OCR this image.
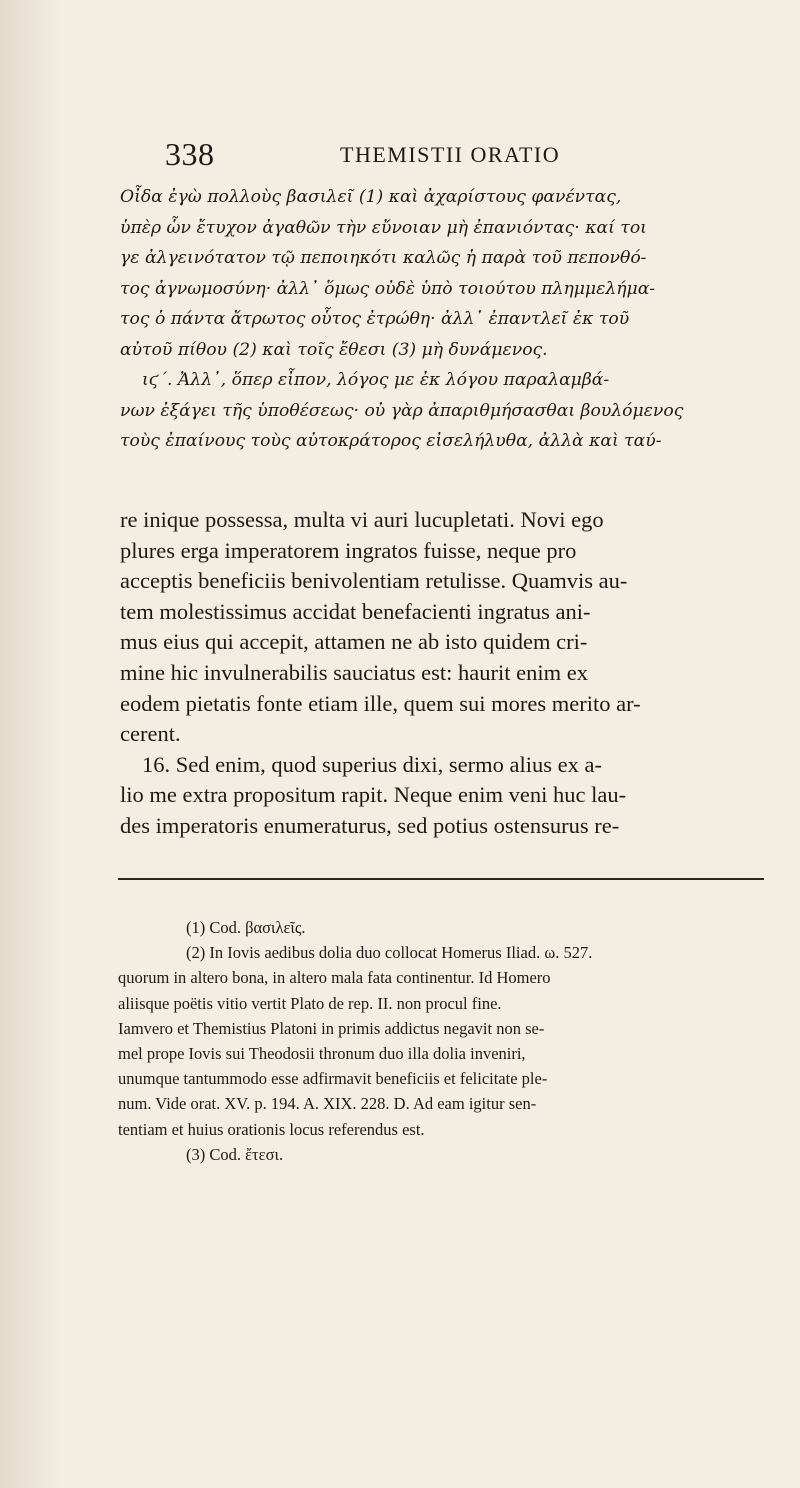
338	THEMISTII ORATIO
Οἶδα ἐγὼ πολλοὺς βασιλεῖ (1) καὶ ἀχαρίστους φανέντας,
ὑπὲρ ὧν ἔτυχον ἀγαθῶν τὴν εὔνοιαν μὴ ἐπανιόντας· καί τοι
γε ἀλγεινότατον τῷ πεποιηκότι καλῶς ἡ παρὰ τοῦ πεπονθό-
τος ἀγνωμοσύνη· ἀλλ᾽ ὅμως οὐδὲ ὑπὸ τοιούτου πλημμελήμα-
τος ὁ πάντα ἄτρωτος οὗτος ἐτρώθη· ἀλλ᾽ ἐπαντλεῖ ἐκ τοῦ
αὐτοῦ πίθου (2) καὶ τοῖς ἔθεσι (3) μὴ δυνάμενος.
ιϛ΄. Ἀλλ᾽, ὅπερ εἶπον, λόγος με ἐκ λόγου παραλαμβά-
νων ἐξάγει τῆς ὑποθέσεως· οὐ γὰρ ἀπαριθμήσασθαι βουλόμενος
τοὺς ἐπαίνους τοὺς αὐτοκράτορος εἰσελήλυθα, ἀλλὰ καὶ ταύ-
re inique possessa, multa vi auri lucupletati. Novi ego
plures erga imperatorem ingratos fuisse, neque pro
acceptis beneficiis benivolentiam retulisse. Quamvis au-
tem molestissimus accidat benefacienti ingratus ani-
mus eius qui accepit, attamen ne ab isto quidem cri-
mine hic invulnerabilis sauciatus est: haurit enim ex
eodem pietatis fonte etiam ille, quem sui mores merito ar-
cerent.
16. Sed enim, quod superius dixi, sermo alius ex a-
lio me extra propositum rapit. Neque enim veni huc lau-
des imperatoris enumeraturus, sed potius ostensurus re-
(1) Cod. βασιλεῖς.
(2) In Iovis aedibus dolia duo collocat Homerus Iliad. ω. 527.
quorum in altero bona, in altero mala fata continentur. Id Homero
aliisque poëtis vitio vertit Plato de rep. II. non procul fine.
Iamvero et Themistius Platoni in primis addictus negavit non se-
mel prope Iovis sui Theodosii thronum duo illa dolia inveniri,
unumque tantummodo esse adfirmavit beneficiis et felicitate ple-
num. Vide orat. XV. p. 194. A. XIX. 228. D. Ad eam igitur sen-
tentiam et huius orationis locus referendus est.
(3) Cod. ἔτεσι.
